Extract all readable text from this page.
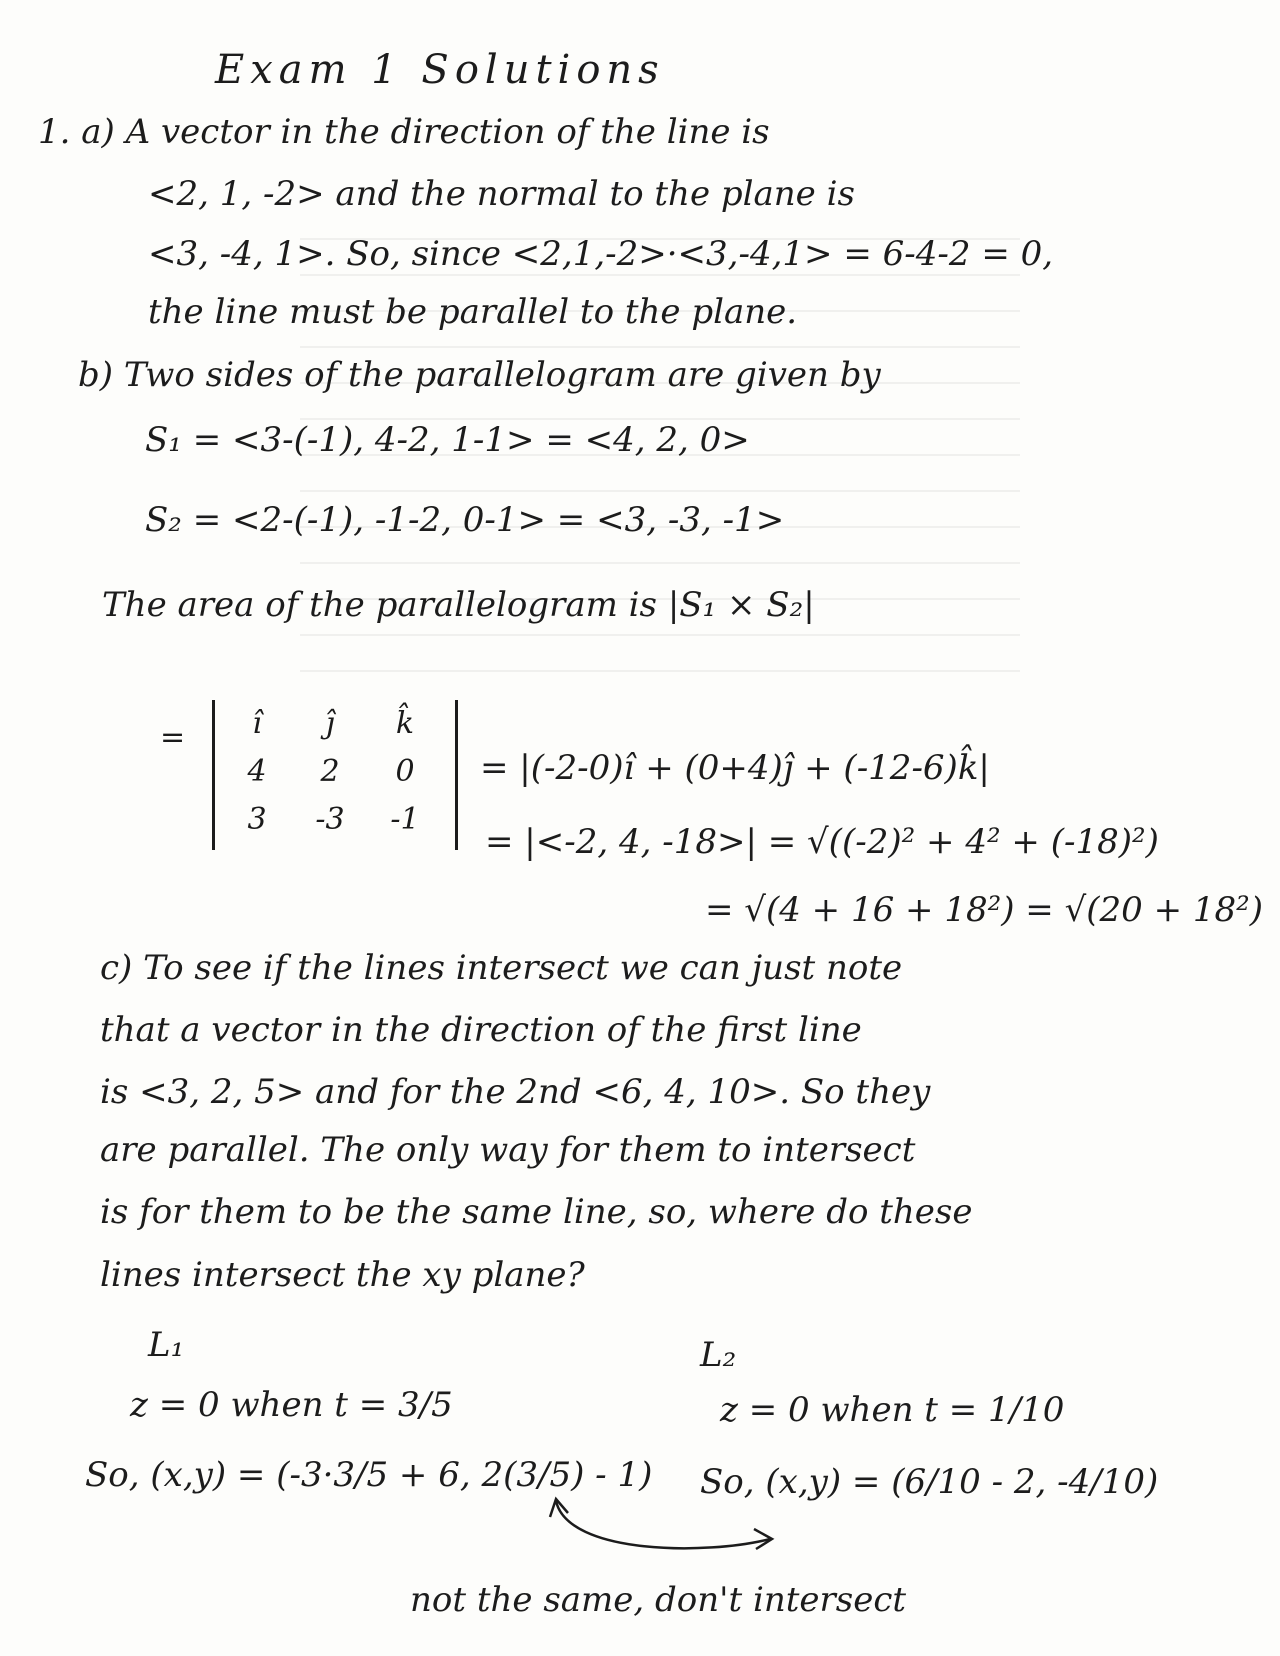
Exam 1 Solutions
1. a) A vector in the direction of the line is
<2, 1, -2> and the normal to the plane is
<3, -4, 1>. So, since <2,1,-2>·<3,-4,1> = 6-4-2 = 0,
the line must be parallel to the plane.
b) Two sides of the parallelogram are given by
S₁ = <3-(-1), 4-2, 1-1> = <4, 2, 0>
S₂ = <2-(-1), -1-2, 0-1> = <3, -3, -1>
The area of the parallelogram is |S₁ × S₂|
=	î	ĵ	k̂
4	2	0
3	-3	-1
= |(-2-0)î + (0+4)ĵ + (-12-6)k̂|
= |<-2, 4, -18>| = √((-2)² + 4² + (-18)²)
= √(4 + 16 + 18²) = √(20 + 18²)
c) To see if the lines intersect we can just note
that a vector in the direction of the first line
is <3, 2, 5> and for the 2nd <6, 4, 10>. So they
are parallel. The only way for them to intersect
is for them to be the same line, so, where do these
lines intersect the xy plane?
L₁	L₂
z = 0 when t = 3/5	z = 0 when t = 1/10
So, (x,y) = (-3·3/5 + 6, 2(3/5) - 1) So, (x,y) = (6/10 - 2, -4/10)
not the same, don't intersect
